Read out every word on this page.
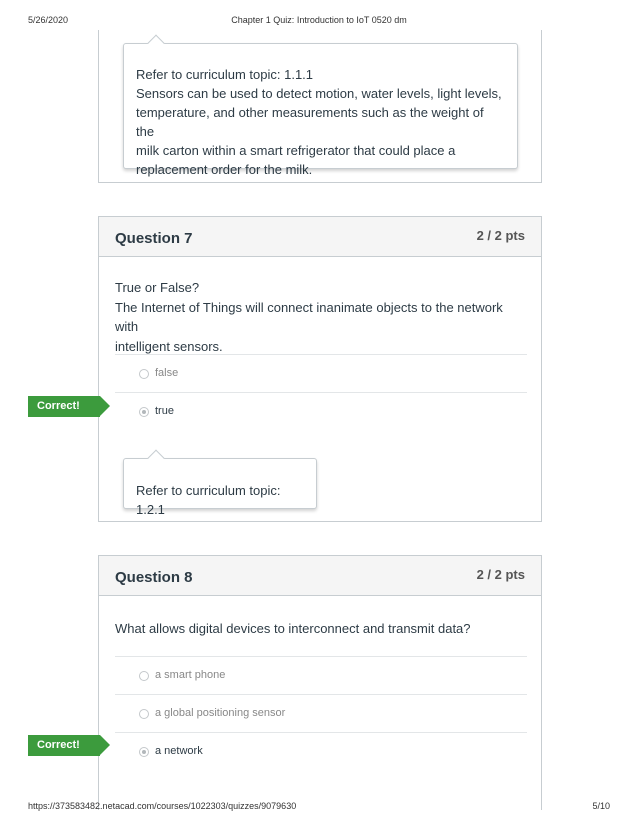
5/26/2020	Chapter 1 Quiz: Introduction to IoT 0520 dm
Refer to curriculum topic: 1.1.1
Sensors can be used to detect motion, water levels, light levels,
temperature, and other measurements such as the weight of the
milk carton within a smart refrigerator that could place a
replacement order for the milk.
Question 7	2 / 2 pts
True or False?
The Internet of Things will connect inanimate objects to the network with
intelligent sensors.
false
true
Refer to curriculum topic: 1.2.1
Correct!
Question 8	2 / 2 pts
What allows digital devices to interconnect and transmit data?
a smart phone
a global positioning sensor
a network
Correct!
https://373583482.netacad.com/courses/1022303/quizzes/9079630	5/10
